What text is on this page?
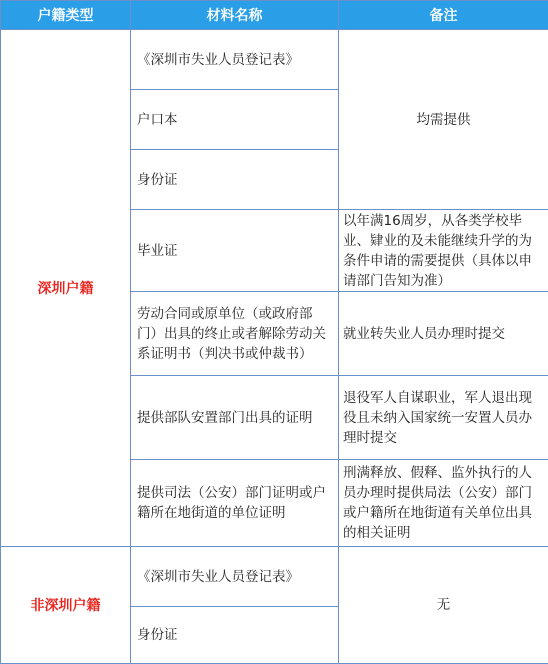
户籍类型	材料名称	备注
深圳户籍	《深圳市失业人员登记表》	均需提供
	户口本	
	身份证	
	毕业证	以年满16周岁，从各类学校毕业、肄业的及未能继续升学的为条件申请的需要提供（具体以申请部门告知为准）
	劳动合同或原单位（或政府部门）出具的终止或者解除劳动关系证明书（判决书或仲裁书）	就业转失业人员办理时提交
	提供部队安置部门出具的证明	退役军人自谋职业，军人退出现役且未纳入国家统一安置人员办理时提交
	提供司法（公安）部门证明或户籍所在地街道的单位证明	刑满释放、假释、监外执行的人员办理时提供局法（公安）部门或户籍所在地街道有关单位出具的相关证明
非深圳户籍	《深圳市失业人员登记表》	无
	身份证	
